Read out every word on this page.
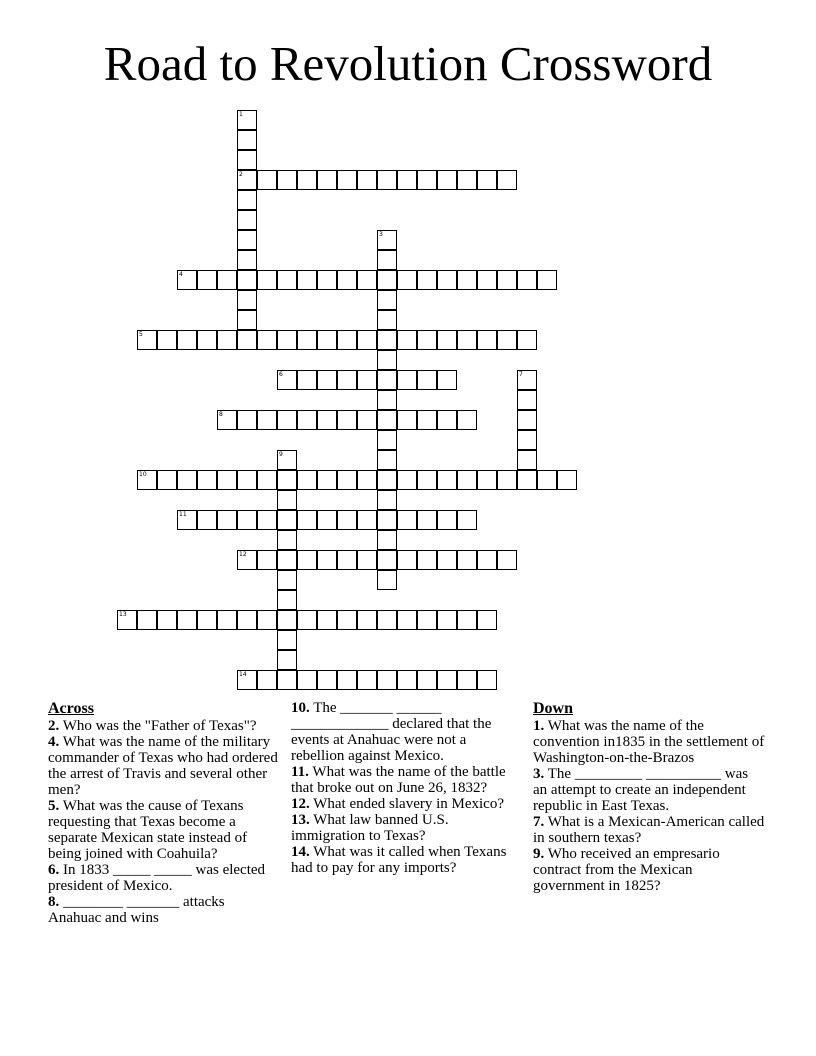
Road to Revolution Crossword
1
2
3
4
5
6	7
8
9
10
11
12
13
14
Across
2. Who was the "Father of Texas"?
4. What was the name of the military commander of Texas who had ordered the arrest of Travis and several other men?
5. What was the cause of Texans requesting that Texas become a separate Mexican state instead of being joined with Coahuila?
6. In 1833 _____ _____ was elected president of Mexico.
8. ________ _______ attacks Anahuac and wins
10. The _______ ______ _____________ declared that the events at Anahuac were not a rebellion against Mexico.
11. What was the name of the battle that broke out on June 26, 1832?
12. What ended slavery in Mexico?
13. What law banned U.S. immigration to Texas?
14. What was it called when Texans had to pay for any imports?
Down
1. What was the name of the convention in1835 in the settlement of Washington-on-the-Brazos
3. The _________ __________ was an attempt to create an independent republic in East Texas.
7. What is a Mexican-American called in southern texas?
9. Who received an empresario contract from the Mexican government in 1825?
